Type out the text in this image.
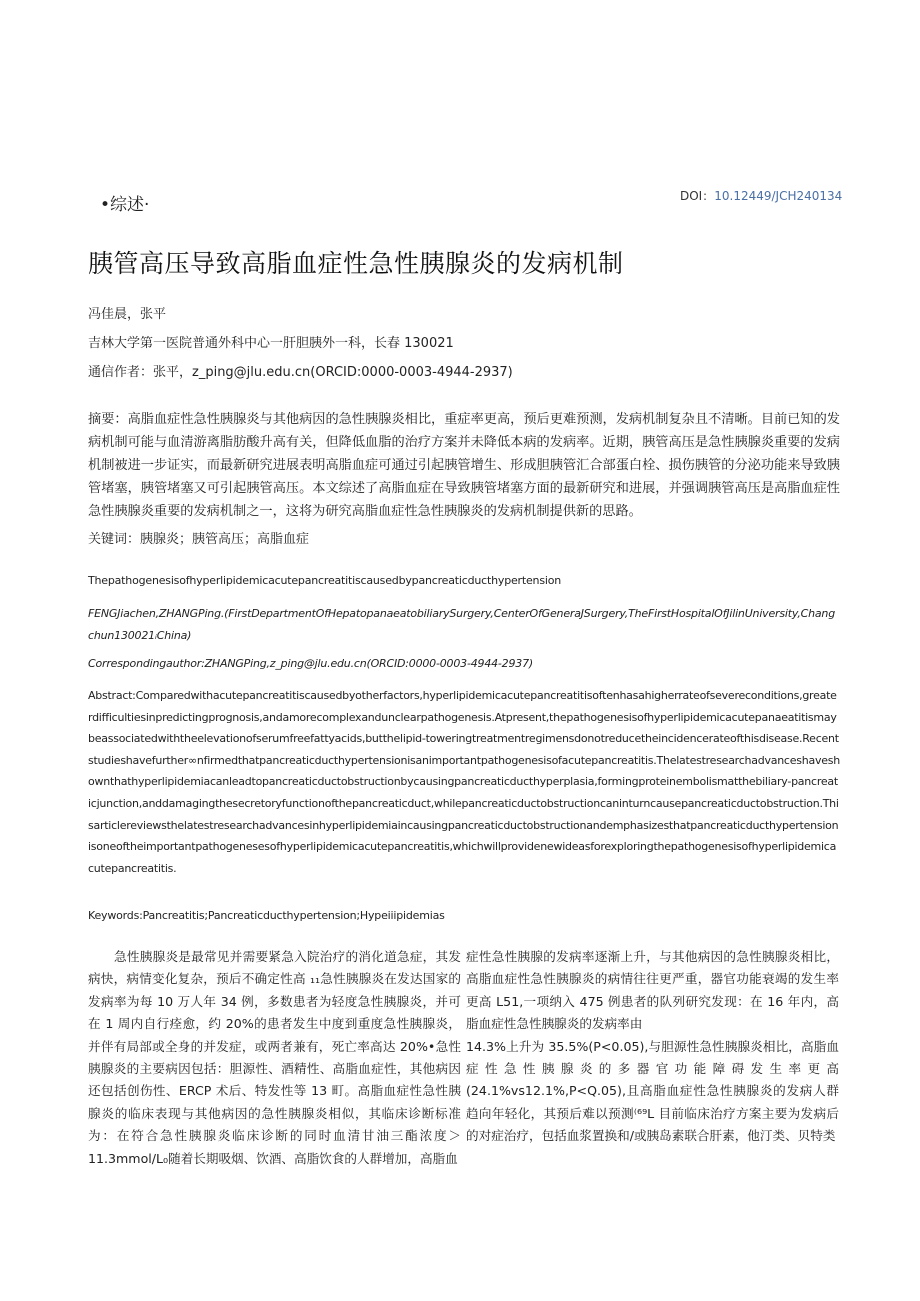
•综述·	DOI：10.12449/JCH240134
胰管高压导致高脂血症性急性胰腺炎的发病机制
冯佳晨，张平
吉林大学第一医院普通外科中心一肝胆胰外一科，长春 130021
通信作者：张平，z_ping@jlu.edu.cn(ORCID:0000-0003-4944-2937)
摘要：高脂血症性急性胰腺炎与其他病因的急性胰腺炎相比，重症率更高，预后更难预测，发病机制复杂且不清晰。目前已知的发病机制可能与血清游离脂肪酸升高有关，但降低血脂的治疗方案并未降低本病的发病率。近期，胰管高压是急性胰腺炎重要的发病机制被进一步证实，而最新研究进展表明高脂血症可通过引起胰管增生、形成胆胰管汇合部蛋白栓、损伤胰管的分泌功能来导致胰管堵塞，胰管堵塞又可引起胰管高压。本文综述了高脂血症在导致胰管堵塞方面的最新研究和进展，并强调胰管高压是高脂血症性急性胰腺炎重要的发病机制之一，这将为研究高脂血症性急性胰腺炎的发病机制提供新的思路。
关键词：胰腺炎；胰管高压；高脂血症
Thepathogenesisofhyperlipidemicacutepancreatitiscausedbypancreaticducthypertension
FENGJiachen,ZHANGPing.(FirstDepartmentOfHepatopanaeatobiliarySurgery,CenterOfGeneraJSurgery,TheFirstHospitalOfJilinUniversity,Changchun130021ᵢChina)
Correspondingauthor:ZHANGPing,z_ping@jlu.edu.cn(ORCID:0000-0003-4944-2937)
Abstract:Comparedwithacutepancreatitiscausedbyotherfactors,hyperlipidemicacutepancreatitisoftenhasahigherrateofsevereconditions,greaterdifficultiesinpredictingprognosis,andamorecomplexandunclearpathogenesis.Atpresent,thepathogenesisofhyperlipidemicacutepanaeatitismaybeassociatedwiththeelevationofserumfreefattyacids,butthelipid-toweringtreatmentregimensdonotreducetheincidencerateofthisdisease.Recentstudieshavefurther∞nfirmedthatpancreaticducthypertensionisanimportantpathogenesisofacutepancreatitis.Thelatestresearchadvanceshaveshownthathyperlipidemiacanleadtopancreaticductobstructionbycausingpancreaticducthyperplasia,formingproteinembolismatthebiliary-pancreaticjunction,anddamagingthesecretoryfunctionofthepancreaticduct,whilepancreaticductobstructioncaninturncausepancreaticductobstruction.Thisarticlereviewsthelatestresearchadvancesinhyperlipidemiaincausingpancreaticductobstructionandemphasizesthatpancreaticducthypertensionisoneoftheimportantpathogenesesofhyperlipidemicacutepancreatitis,whichwillprovidenewideasforexploringthepathogenesisofhyperlipidemicacutepancreatitis.
Keywords:Pancreatitis;Pancreaticducthypertension;Hypeiiipidemias

急性胰腺炎是最常见并需要紧急入院治疗的消化道急症，其发病快，病情变化复杂，预后不确定性高 ₁₁急性胰腺炎在发达国家的发病率为每 10 万人年 34 例，多数患者为轻度急性胰腺炎，并可在 1 周内自行痊愈，约 20%的患者发生中度到重度急性胰腺炎，并伴有局部或全身的并发症，或两者兼有，死亡率高达 20%•急性胰腺炎的主要病因包括：胆源性、酒精性、高脂血症性，其他病因还包括创伤性、ERCP 术后、特发性等 13 町。高脂血症性急性胰腺炎的临床表现与其他病因的急性胰腺炎相似，其临床诊断标准为：在符合急性胰腺炎临床诊断的同时血清甘油三酯浓度＞11.3mmol/L₀随着长期吸烟、饮酒、高脂饮食的人群增加，高脂血

症性急性胰腺的发病率逐渐上升，与其他病因的急性胰腺炎相比，高脂血症性急性胰腺炎的病情往往更严重，器官功能衰竭的发生率更高 L51,一项纳入 475 例患者的队列研究发现：在 16 年内，高脂血症性急性胰腺炎的发病率由

14.3%上升为 35.5%(P<0.05),与胆源性急性胰腺炎相比，高脂血症性急性胰腺炎的多器官功能障碍发生率更高(24.1%vs12.1%,P<Q.05),且高脂血症性急性胰腺炎的发病人群趋向年轻化，其预后难以预测⁽⁶⁹L 目前临床治疗方案主要为发病后的对症治疗，包括血浆置换和/或胰岛素联合肝素，他汀类、贝特类
